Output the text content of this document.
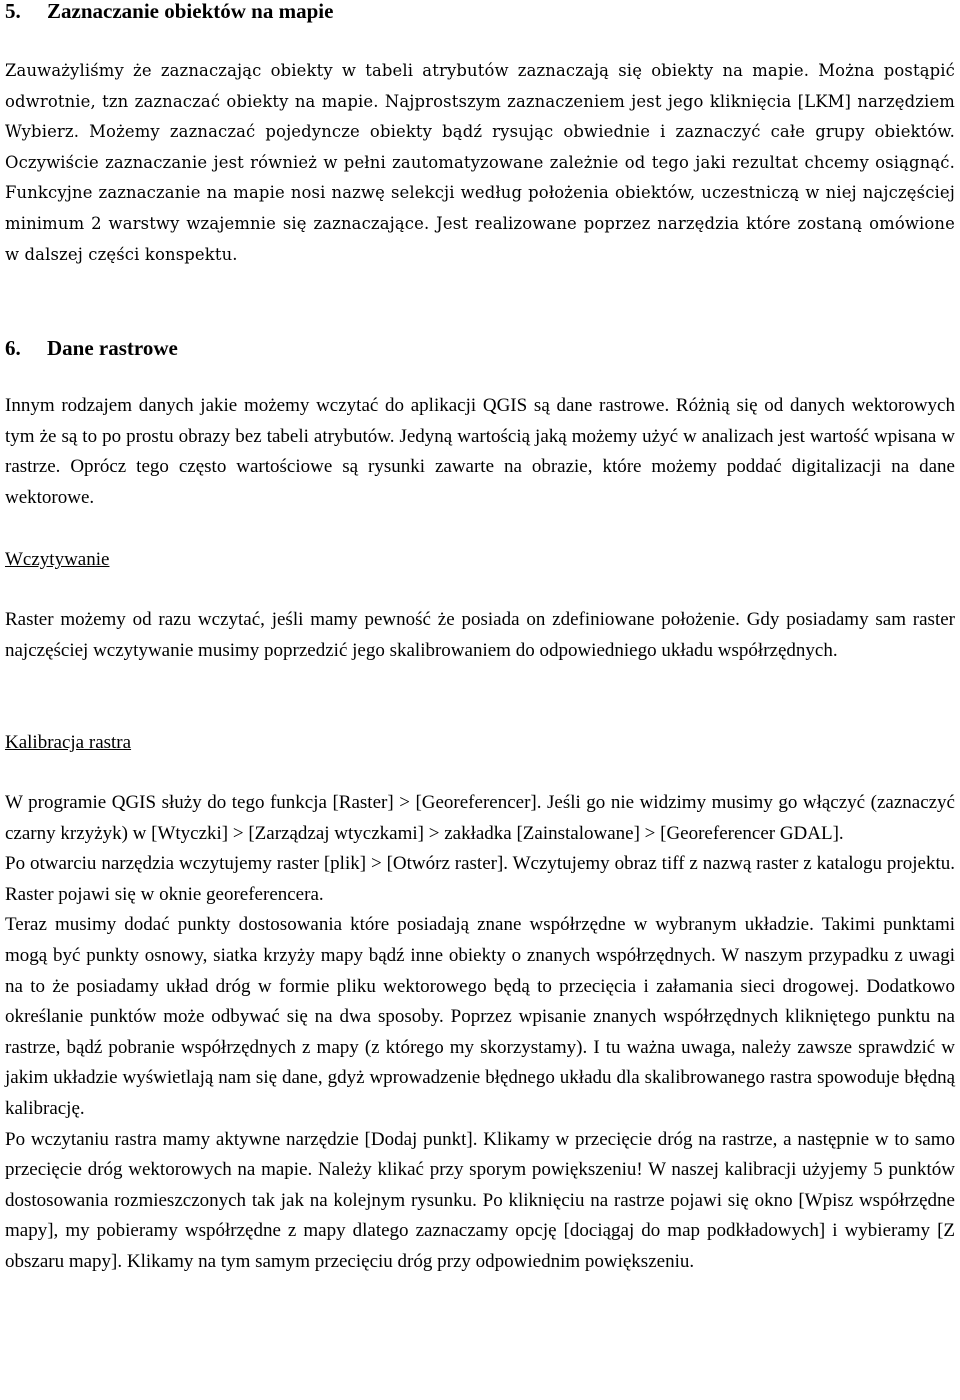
5. Zaznaczanie obiektów na mapie
Zauważyliśmy że zaznaczając obiekty w tabeli atrybutów zaznaczają się obiekty na mapie. Można postąpić odwrotnie, tzn zaznaczać obiekty na mapie. Najprostszym zaznaczeniem jest jego kliknięcia [LKM] narzędziem Wybierz. Możemy zaznaczać pojedyncze obiekty bądź rysując obwiednie i zaznaczyć całe grupy obiektów. Oczywiście zaznaczanie jest również w pełni zautomatyzowane zależnie od tego jaki rezultat chcemy osiągnąć. Funkcyjne zaznaczanie na mapie nosi nazwę selekcji według położenia obiektów, uczestniczą w niej najczęściej minimum 2 warstwy wzajemnie się zaznaczające. Jest realizowane poprzez narzędzia które zostaną omówione w dalszej części konspektu.
6. Dane rastrowe
Innym rodzajem danych jakie możemy wczytać do aplikacji QGIS są dane rastrowe. Różnią się od danych wektorowych tym że są to po prostu obrazy bez tabeli atrybutów. Jedyną wartością jaką możemy użyć w analizach jest wartość wpisana w rastrze. Oprócz tego często wartościowe są rysunki zawarte na obrazie, które możemy poddać digitalizacji na dane wektorowe.
Wczytywanie
Raster możemy od razu wczytać, jeśli mamy pewność że posiada on zdefiniowane położenie. Gdy posiadamy sam raster najczęściej wczytywanie musimy poprzedzić jego skalibrowaniem do odpowiedniego układu współrzędnych.
Kalibracja rastra
W programie QGIS służy do tego funkcja [Raster] > [Georeferencer]. Jeśli go nie widzimy musimy go włączyć (zaznaczyć czarny krzyżyk) w [Wtyczki] > [Zarządzaj wtyczkami] > zakładka [Zainstalowane] > [Georeferencer GDAL].
Po otwarciu narzędzia wczytujemy raster [plik] > [Otwórz raster]. Wczytujemy obraz tiff z nazwą raster z katalogu projektu. Raster pojawi się w oknie georeferencera.
Teraz musimy dodać punkty dostosowania które posiadają znane współrzędne w wybranym układzie. Takimi punktami mogą być punkty osnowy, siatka krzyży mapy bądź inne obiekty o znanych współrzędnych. W naszym przypadku z uwagi na to że posiadamy układ dróg w formie pliku wektorowego będą to przecięcia i załamania sieci drogowej. Dodatkowo określanie punktów może odbywać się na dwa sposoby. Poprzez wpisanie znanych współrzędnych klikniętego punktu na rastrze, bądź pobranie współrzędnych z mapy (z którego my skorzystamy). I tu ważna uwaga, należy zawsze sprawdzić w jakim układzie wyświetlają nam się dane, gdyż wprowadzenie błędnego układu dla skalibrowanego rastra spowoduje błędną kalibrację.
Po wczytaniu rastra mamy aktywne narzędzie [Dodaj punkt]. Klikamy w przecięcie dróg na rastrze, a następnie w to samo przecięcie dróg wektorowych na mapie. Należy klikać przy sporym powiększeniu! W naszej kalibracji użyjemy 5 punktów dostosowania rozmieszczonych tak jak na kolejnym rysunku. Po kliknięciu na rastrze pojawi się okno [Wpisz współrzędne mapy], my pobieramy współrzędne z mapy dlatego zaznaczamy opcję [dociągaj do map podkładowych] i wybieramy [Z obszaru mapy]. Klikamy na tym samym przecięciu dróg przy odpowiednim powiększeniu.
